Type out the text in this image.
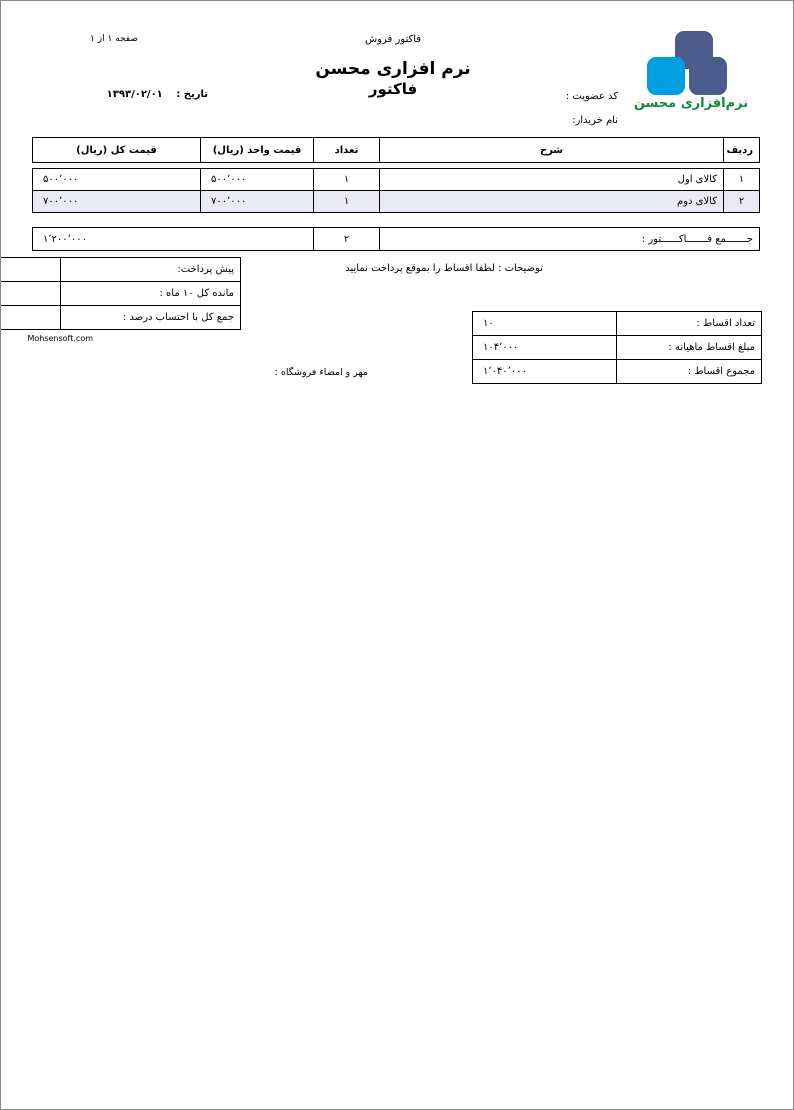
صفحه ۱ از ۱	فاکتور فروش
نرم افزاری محسن
فاکتور
تاریخ : ۱۳۹۳/۰۲/۰۱	کد عضویت :
نام خریدار:
نرم‌افزاری محسن
ردیف	شرح	تعداد	قیمت واحد (ریال)	قیمت کل (ریال)
۱	کالای اول	۱	۵۰۰٬۰۰۰	۵۰۰٬۰۰۰
۲	کالای دوم	۱	۷۰۰٬۰۰۰	۷۰۰٬۰۰۰
جـــــــمع فـــــــاکــــــتور :	۲	۱٬۲۰۰٬۰۰۰
پیش پرداخت:	
مانده کل ۱۰ ماه :	
جمع کل با احتساب درصد :	
تعداد اقساط :	۱۰
مبلغ اقساط ماهیانه :	۱۰۴٬۰۰۰
مجموع اقساط :	۱٬۰۴۰٬۰۰۰
توضیحات : لطفا اقساط را بموقع پرداخت نمایید
Mohsensoft.com
مهر و امضاء فروشگاه :
